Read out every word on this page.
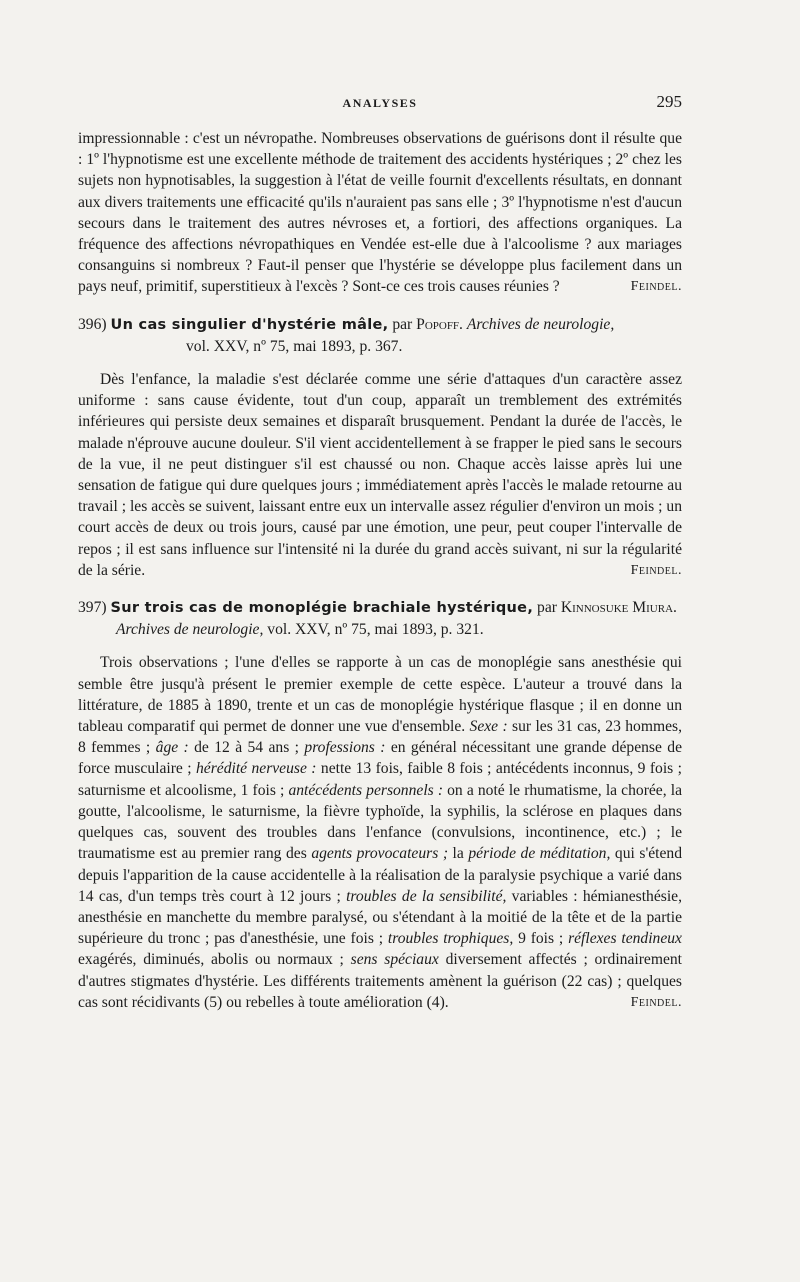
ANALYSES	295

impressionnable : c'est un névropathe. Nombreuses observations de guérisons dont il résulte que : 1º l'hypnotisme est une excellente méthode de traitement des accidents hystériques ; 2º chez les sujets non hypnotisables, la suggestion à l'état de veille fournit d'excellents résultats, en donnant aux divers traitements une efficacité qu'ils n'auraient pas sans elle ; 3º l'hypnotisme n'est d'aucun secours dans le traitement des autres névroses et, a fortiori, des affections organiques. La fréquence des affections névropathiques en Vendée est-elle due à l'alcoolisme ? aux mariages consanguins si nombreux ? Faut-il penser que l'hystérie se développe plus facilement dans un pays neuf, primitif, superstitieux à l'excès ? Sont-ce ces trois causes réunies ?	Feindel.

396) Un cas singulier d'hystérie mâle, par Popoff. Archives de neurologie,

vol. XXV, nº 75, mai 1893, p. 367.

Dès l'enfance, la maladie s'est déclarée comme une série d'attaques d'un caractère assez uniforme : sans cause évidente, tout d'un coup, apparaît un tremblement des extrémités inférieures qui persiste deux semaines et disparaît brusquement. Pendant la durée de l'accès, le malade n'éprouve aucune douleur. S'il vient accidentellement à se frapper le pied sans le secours de la vue, il ne peut distinguer s'il est chaussé ou non. Chaque accès laisse après lui une sensation de fatigue qui dure quelques jours ; immédiatement après l'accès le malade retourne au travail ; les accès se suivent, laissant entre eux un intervalle assez régulier d'environ un mois ; un court accès de deux ou trois jours, causé par une émotion, une peur, peut couper l'intervalle de repos ; il est sans influence sur l'intensité ni la durée du grand accès suivant, ni sur la régularité de la série.	Feindel.

397) Sur trois cas de monoplégie brachiale hystérique, par Kinnosuke Miura.

Archives de neurologie, vol. XXV, nº 75, mai 1893, p. 321.

Trois observations ; l'une d'elles se rapporte à un cas de monoplégie sans anesthésie qui semble être jusqu'à présent le premier exemple de cette espèce. L'auteur a trouvé dans la littérature, de 1885 à 1890, trente et un cas de monoplégie hystérique flasque ; il en donne un tableau comparatif qui permet de donner une vue d'ensemble. Sexe : sur les 31 cas, 23 hommes, 8 femmes ; âge : de 12 à 54 ans ; professions : en général nécessitant une grande dépense de force musculaire ; hérédité nerveuse : nette 13 fois, faible 8 fois ; antécédents inconnus, 9 fois ; saturnisme et alcoolisme, 1 fois ; antécédents personnels : on a noté le rhumatisme, la chorée, la goutte, l'alcoolisme, le saturnisme, la fièvre typhoïde, la syphilis, la sclérose en plaques dans quelques cas, souvent des troubles dans l'enfance (convulsions, incontinence, etc.) ; le traumatisme est au premier rang des agents provocateurs ; la période de méditation, qui s'étend depuis l'apparition de la cause accidentelle à la réalisation de la paralysie psychique a varié dans 14 cas, d'un temps très court à 12 jours ; troubles de la sensibilité, variables : hémianesthésie, anesthésie en manchette du membre paralysé, ou s'étendant à la moitié de la tête et de la partie supérieure du tronc ; pas d'anesthésie, une fois ; troubles trophiques, 9 fois ; réflexes tendineux exagérés, diminués, abolis ou normaux ; sens spéciaux diversement affectés ; ordinairement d'autres stigmates d'hystérie. Les différents traitements amènent la guérison (22 cas) ; quelques cas sont récidivants (5) ou rebelles à toute amélioration (4).	Feindel.
